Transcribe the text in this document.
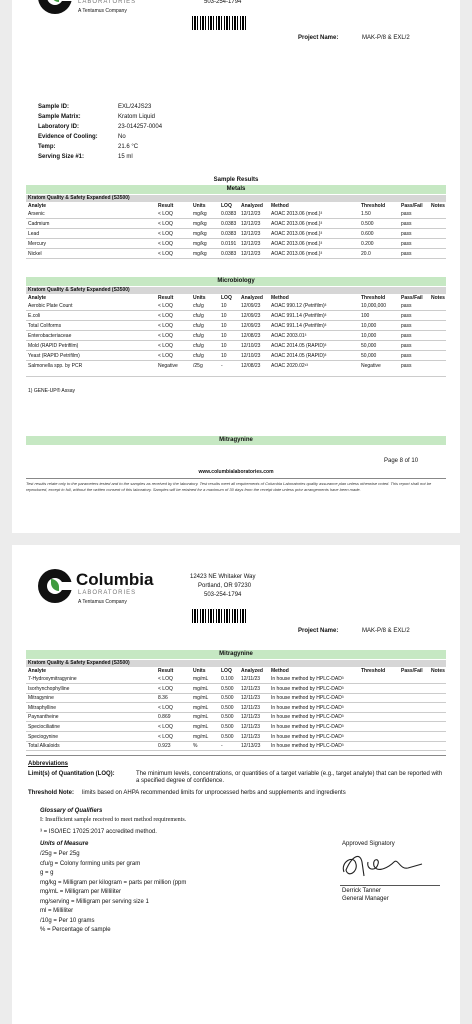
LABORATORIES
A Tentamus Company
503-254-1794
Project Name:	MAK-P/8 & EXL/2
Sample ID:	EXL/24JS23
Sample Matrix:	Kratom Liquid
Laboratory ID:	23-014257-0004
Evidence of Cooling:	No
Temp:	21.6 °C
Serving Size #1:	15 ml
Sample Results
Metals
Kratom Quality & Safety Expanded (S3500)
Analyte	Result	Units	LOQ Analyzed Method	Threshold	Pass/Fail Notes
Arsenic	< LOQ	mg/kg	0.0383 12/12/23 AOAC 2013.06 (mod.)³	1.50	pass
Cadmium	< LOQ	mg/kg	0.0383 12/12/23 AOAC 2013.06 (mod.)³	0.500	pass
Lead	< LOQ	mg/kg	0.0383 12/12/23 AOAC 2013.06 (mod.)³	0.600	pass
Mercury	< LOQ	mg/kg	0.0191 12/12/23 AOAC 2013.06 (mod.)³	0.200	pass
Nickel	< LOQ	mg/kg	0.0383 12/12/23 AOAC 2013.06 (mod.)³	20.0	pass
Microbiology
Kratom Quality & Safety Expanded (S3500)
Analyte	Result	Units	LOQ Analyzed Method	Threshold	Pass/Fail Notes
Aerobic Plate Count	< LOQ	cfu/g	10	12/09/23 AOAC 990.12 (Petrifilm)³	10,000,000	pass
E.coli	< LOQ	cfu/g	10	12/09/23 AOAC 991.14 (Petrifilm)³	100	pass
Total Coliforms	< LOQ	cfu/g	10	12/09/23 AOAC 991.14 (Petrifilm)³	10,000	pass
Enterobacteriaceae	< LOQ	cfu/g	10	12/08/23 AOAC 2003.01³	10,000	pass
Mold (RAPID Petrifilm)	< LOQ	cfu/g	10	12/10/23 AOAC 2014.05 (RAPID)³	50,000	pass
Yeast (RAPID Petrifilm)	< LOQ	cfu/g	10	12/10/23 AOAC 2014.05 (RAPID)³	50,000	pass
Salmonella spp. by PCR	Negative	/25g	-	12/08/23 AOAC 2020.02¹³	Negative	pass
1) GENE-UP® Assay
Mitragynine
Page 8 of 10
www.columbialaboratories.com
Test results relate only to the parameters tested and to the samples as received by the laboratory. Test results meet all requirements of Columbia Laboratories quality assurance plan unless otherwise noted. This report shall not be reproduced, except in full, without the written consent of this laboratory. Samples will be retained for a maximum of 30 days from the receipt date unless prior arrangements have been made.
Columbia
LABORATORIES
A Tentamus Company
12423 NE Whitaker Way
Portland, OR 97230
503-254-1794
Project Name:	MAK-P/8 & EXL/2
Mitragynine
Kratom Quality & Safety Expanded (S3500)
Analyte	Result	Units	LOQ Analyzed Method	Threshold	Pass/Fail Notes
7-Hydroxymitragynine	< LOQ	mg/mL	0.100 12/11/23 In house method by HPLC-DAD³
Isorhynchophylline	< LOQ	mg/mL	0.500 12/11/23 In house method by HPLC-DAD³
Mitragynine	8.36	mg/mL	0.500 12/11/23 In house method by HPLC-DAD³
Mitraphylline	< LOQ	mg/mL	0.500 12/11/23 In house method by HPLC-DAD³
Paynantheine	0.869	mg/mL	0.500 12/11/23 In house method by HPLC-DAD³
Speciociliatine	< LOQ	mg/mL	0.500 12/11/23 In house method by HPLC-DAD³
Speciogynine	< LOQ	mg/mL	0.500 12/11/23 In house method by HPLC-DAD³
Total Alkaloids	0.923	%	-	12/13/23 In house method by HPLC-DAD³
Abbreviations
Limit(s) of Quantitation (LOQ):	The minimum levels, concentrations, or quantities of a target variable (e.g., target analyte) that can be reported with a specified degree of confidence.
Threshold Note: limits based on AHPA recommended limits for unprocessed herbs and supplements and ingredients
Glossary of Qualifiers
I: Insufficient sample received to meet method requirements.
³ = ISO/IEC 17025:2017 accredited method.
Units of Measure
/25g = Per 25g
cfu/g = Colony forming units per gram
g = g
mg/kg = Milligram per kilogram = parts per million (ppm
mg/mL = Milligram per Milliliter
mg/serving = Milligram per serving size 1
ml = Milliliter
/10g = Per 10 grams
% = Percentage of sample
Approved Signatory
Derrick Tanner
General Manager
